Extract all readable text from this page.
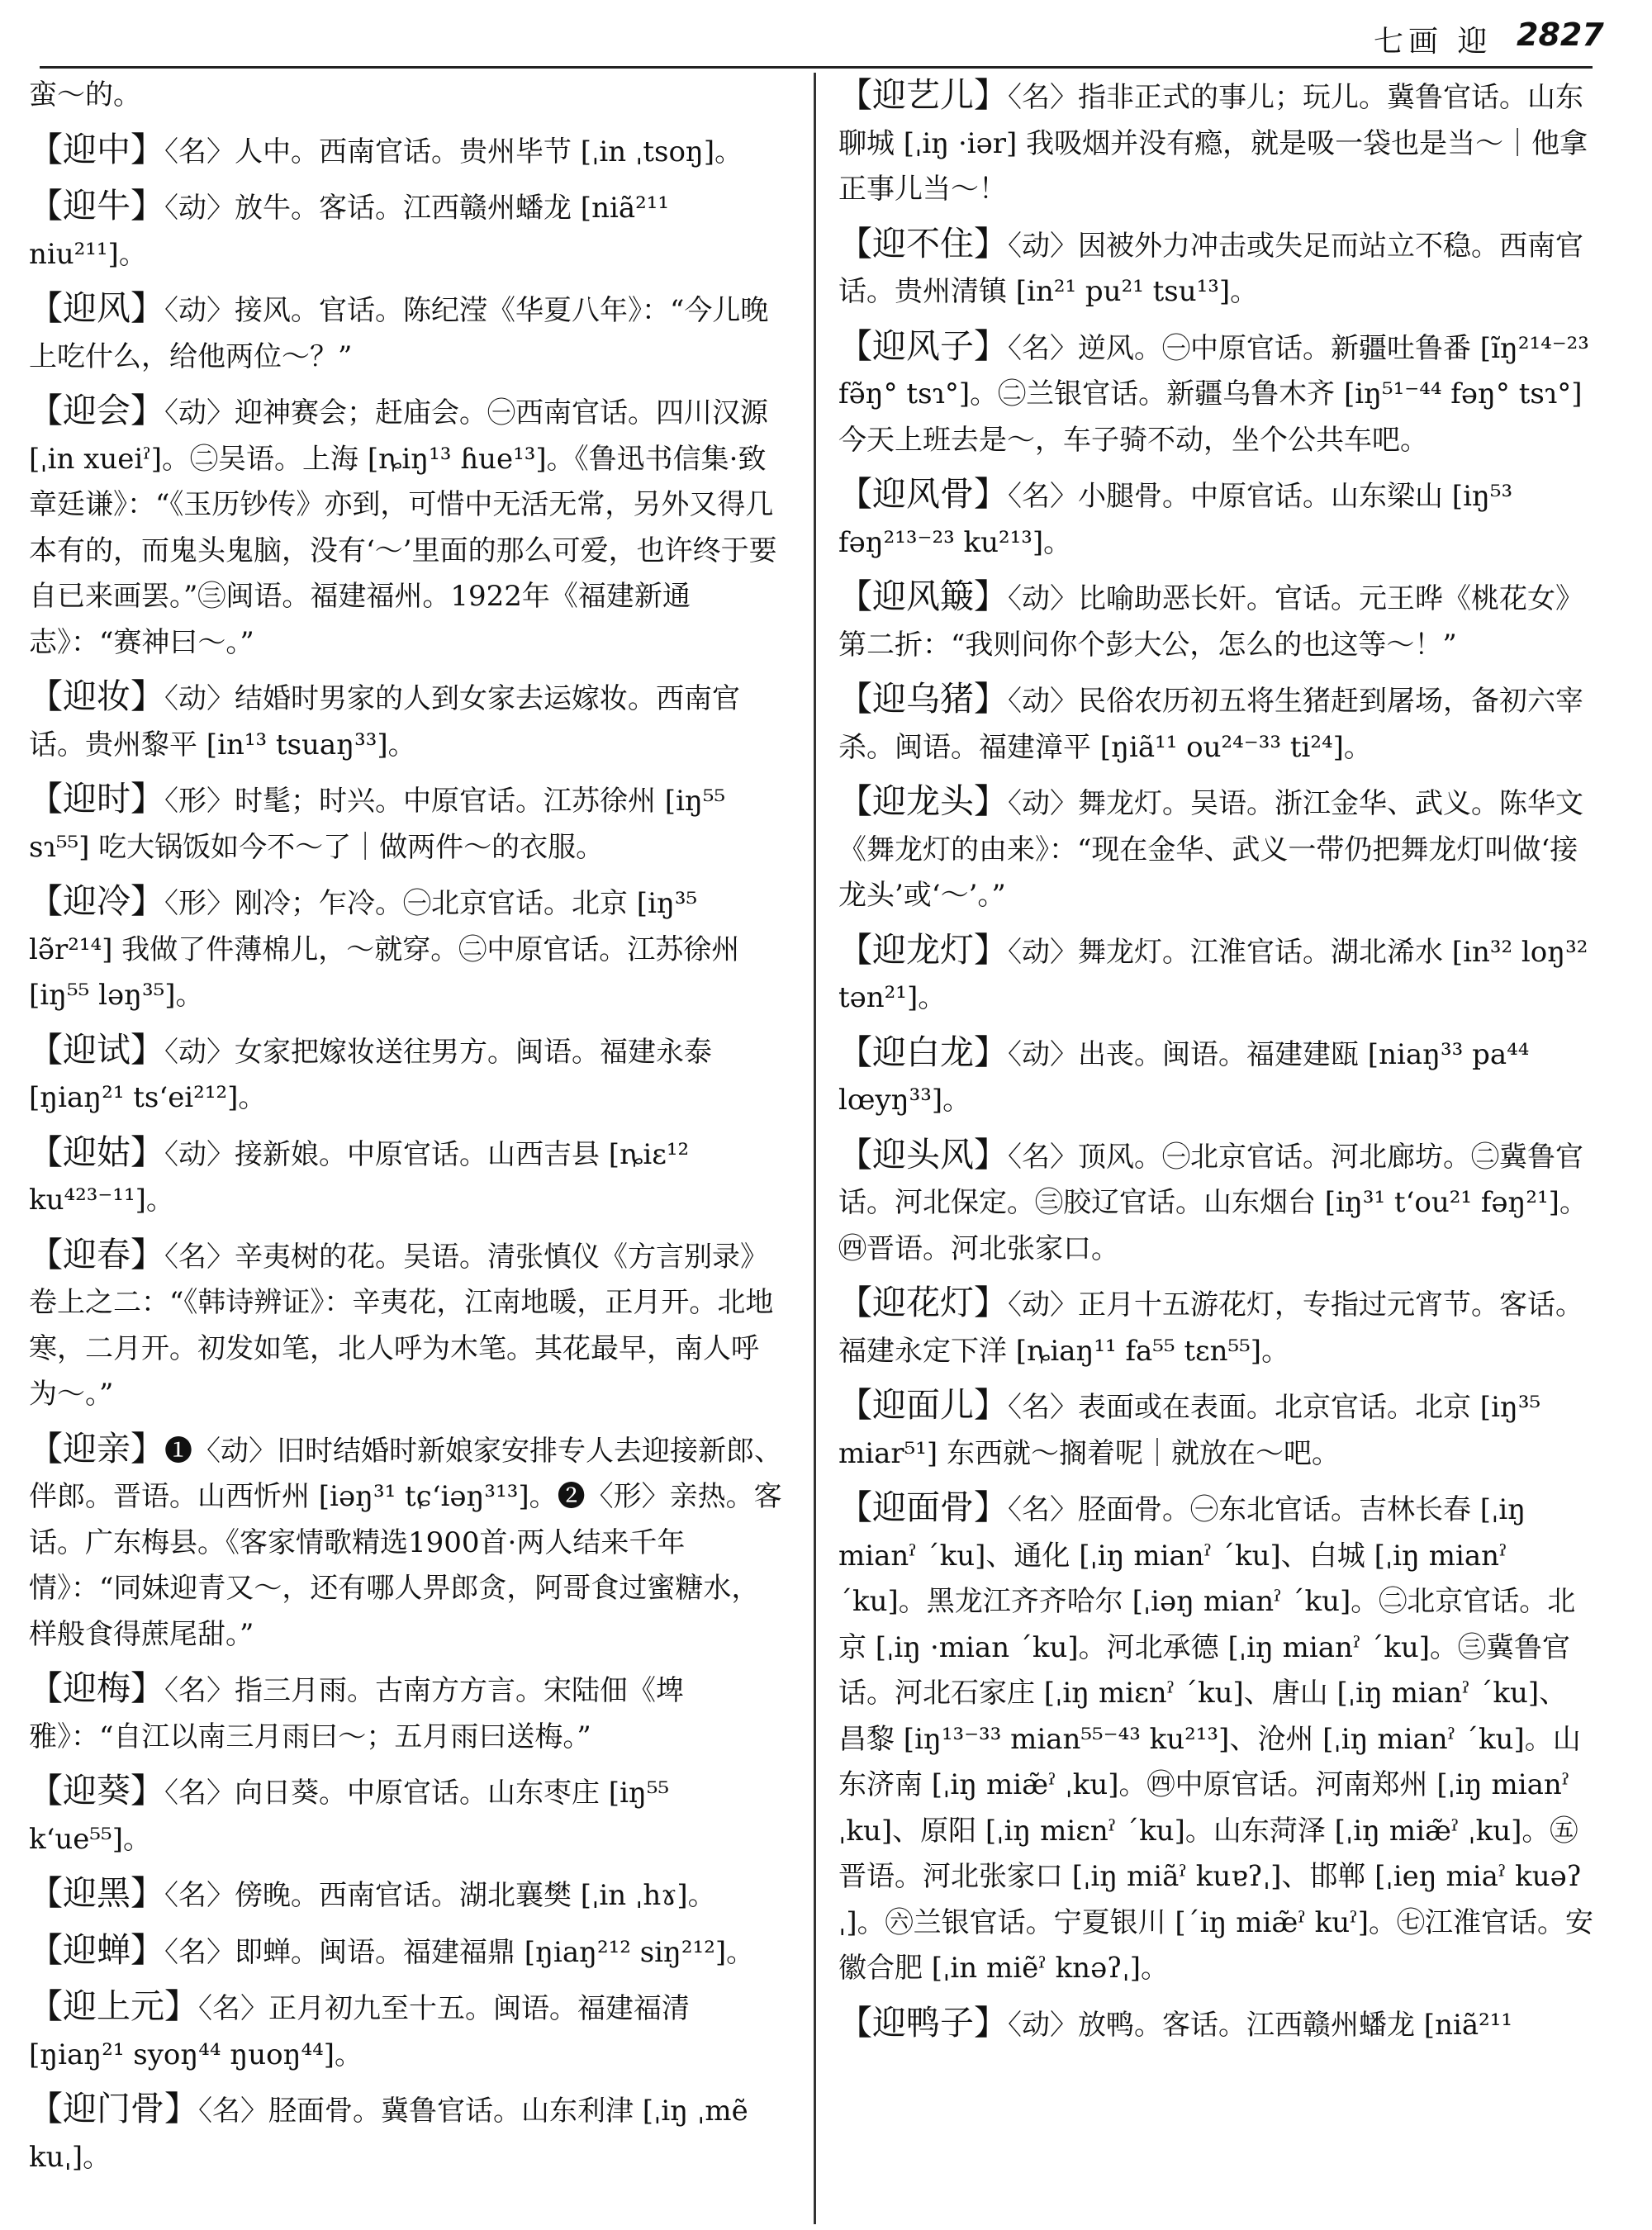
七画 迎 2827

蛮～的。

【迎中】〈名〉人中。西南官话。贵州毕节 [ˌin ˌtsoŋ]。

【迎牛】〈动〉放牛。客话。江西赣州蟠龙 [niã²¹¹ niu²¹¹]。

【迎风】〈动〉接风。官话。陈纪滢《华夏八年》：“今儿晚上吃什么，给他两位～？”

【迎会】〈动〉迎神赛会；赶庙会。㊀西南官话。四川汉源 [ˌin xueiˀ]。㊁吴语。上海 [ȵiŋ¹³ ɦue¹³]。《鲁迅书信集·致章廷谦》：“《玉历钞传》亦到，可惜中无活无常，另外又得几本有的，而鬼头鬼脑，没有‘～’里面的那么可爱，也许终于要自已来画罢。”㊂闽语。福建福州。1922年《福建新通志》：“赛神曰～。”

【迎妆】〈动〉结婚时男家的人到女家去运嫁妆。西南官话。贵州黎平 [in¹³ tsuaŋ³³]。

【迎时】〈形〉时髦；时兴。中原官话。江苏徐州 [iŋ⁵⁵ sɿ⁵⁵] 吃大锅饭如今不～了｜做两件～的衣服。

【迎冷】〈形〉刚冷；乍冷。㊀北京官话。北京 [iŋ³⁵ lə̃r²¹⁴] 我做了件薄棉儿，～就穿。㊁中原官话。江苏徐州 [iŋ⁵⁵ ləŋ³⁵]。

【迎试】〈动〉女家把嫁妆送往男方。闽语。福建永泰 [ŋiaŋ²¹ tsʻei²¹²]。

【迎姑】〈动〉接新娘。中原官话。山西吉县 [ȵiɛ¹² ku⁴²³⁻¹¹]。

【迎春】〈名〉辛夷树的花。吴语。清张慎仪《方言别录》卷上之二：“《韩诗辨证》：辛夷花，江南地暖，正月开。北地寒，二月开。初发如笔，北人呼为木笔。其花最早，南人呼为～。”

【迎亲】❶〈动〉旧时结婚时新娘家安排专人去迎接新郎、伴郎。晋语。山西忻州 [iəŋ³¹ tɕʻiəŋ³¹³]。❷〈形〉亲热。客话。广东梅县。《客家情歌精选1900首·两人结来千年情》：“同妹迎青又～，还有哪人畀郎贪，阿哥食过蜜糖水，样般食得蔗尾甜。”

【迎梅】〈名〉指三月雨。古南方方言。宋陆佃《埤雅》：“自江以南三月雨曰～；五月雨曰送梅。”

【迎葵】〈名〉向日葵。中原官话。山东枣庄 [iŋ⁵⁵ kʻue⁵⁵]。

【迎黑】〈名〉傍晚。西南官话。湖北襄樊 [ˌin ˌhɤ]。

【迎蝉】〈名〉即蝉。闽语。福建福鼎 [ŋiaŋ²¹² siŋ²¹²]。

【迎上元】〈名〉正月初九至十五。闽语。福建福清 [ŋiaŋ²¹ syoŋ⁴⁴ ŋuoŋ⁴⁴]。

【迎门骨】〈名〉胫面骨。冀鲁官话。山东利津 [ˌiŋ ˌmẽ kuˌ]。

【迎艺儿】〈名〉指非正式的事儿；玩儿。冀鲁官话。山东聊城 [ˌiŋ ·iər] 我吸烟并没有瘾，就是吸一袋也是当～｜他拿正事儿当～！

【迎不住】〈动〉因被外力冲击或失足而站立不稳。西南官话。贵州清镇 [in²¹ pu²¹ tsu¹³]。

【迎风子】〈名〉逆风。㊀中原官话。新疆吐鲁番 [ĩŋ²¹⁴⁻²³ fə̃ŋ° tsɿ°]。㊁兰银官话。新疆乌鲁木齐 [iŋ⁵¹⁻⁴⁴ fəŋ° tsɿ°] 今天上班去是～，车子骑不动，坐个公共车吧。

【迎风骨】〈名〉小腿骨。中原官话。山东梁山 [iŋ⁵³ fəŋ²¹³⁻²³ ku²¹³]。

【迎风簸】〈动〉比喻助恶长奸。官话。元王晔《桃花女》第二折：“我则问你个彭大公，怎么的也这等～！”

【迎乌猪】〈动〉民俗农历初五将生猪赶到屠场，备初六宰杀。闽语。福建漳平 [ŋiã¹¹ ou²⁴⁻³³ ti²⁴]。

【迎龙头】〈动〉舞龙灯。吴语。浙江金华、武义。陈华文《舞龙灯的由来》：“现在金华、武义一带仍把舞龙灯叫做‘接龙头’或‘～’。”

【迎龙灯】〈动〉舞龙灯。江淮官话。湖北浠水 [in³² loŋ³² tən²¹]。

【迎白龙】〈动〉出丧。闽语。福建建瓯 [niaŋ³³ pa⁴⁴ lœyŋ³³]。

【迎头风】〈名〉顶风。㊀北京官话。河北廊坊。㊁冀鲁官话。河北保定。㊂胶辽官话。山东烟台 [iŋ³¹ tʻou²¹ fəŋ²¹]。㊃晋语。河北张家口。

【迎花灯】〈动〉正月十五游花灯，专指过元宵节。客话。福建永定下洋 [ȵiaŋ¹¹ fa⁵⁵ tɛn⁵⁵]。

【迎面儿】〈名〉表面或在表面。北京官话。北京 [iŋ³⁵ miar⁵¹] 东西就～搁着呢｜就放在～吧。

【迎面骨】〈名〉胫面骨。㊀东北官话。吉林长春 [ˌiŋ mianˀ ˊku]、通化 [ˌiŋ mianˀ ˊku]、白城 [ˌiŋ mianˀ ˊku]。黑龙江齐齐哈尔 [ˌiəŋ mianˀ ˊku]。㊁北京官话。北京 [ˌiŋ ·mian ˊku]。河北承德 [ˌiŋ mianˀ ˊku]。㊂冀鲁官话。河北石家庄 [ˌiŋ miɛnˀ ˊku]、唐山 [ˌiŋ mianˀ ˊku]、昌黎 [iŋ¹³⁻³³ mian⁵⁵⁻⁴³ ku²¹³]、沧州 [ˌiŋ mianˀ ˊku]。山东济南 [ˌiŋ miæ̃ˀ ˌku]。㊃中原官话。河南郑州 [ˌiŋ mianˀ ˌku]、原阳 [ˌiŋ miɛnˀ ˊku]。山东菏泽 [ˌiŋ miæ̃ˀ ˌku]。㊄晋语。河北张家口 [ˌiŋ miãˀ kuɐʔˌ]、邯郸 [ˌieŋ miaˀ kuəʔˌ]。㊅兰银官话。宁夏银川 [ˊiŋ miæ̃ˀ kuˀ]。㊆江淮官话。安徽合肥 [ˌin miẽˀ knəʔˌ]。

【迎鸭子】〈动〉放鸭。客话。江西赣州蟠龙 [niã²¹¹
